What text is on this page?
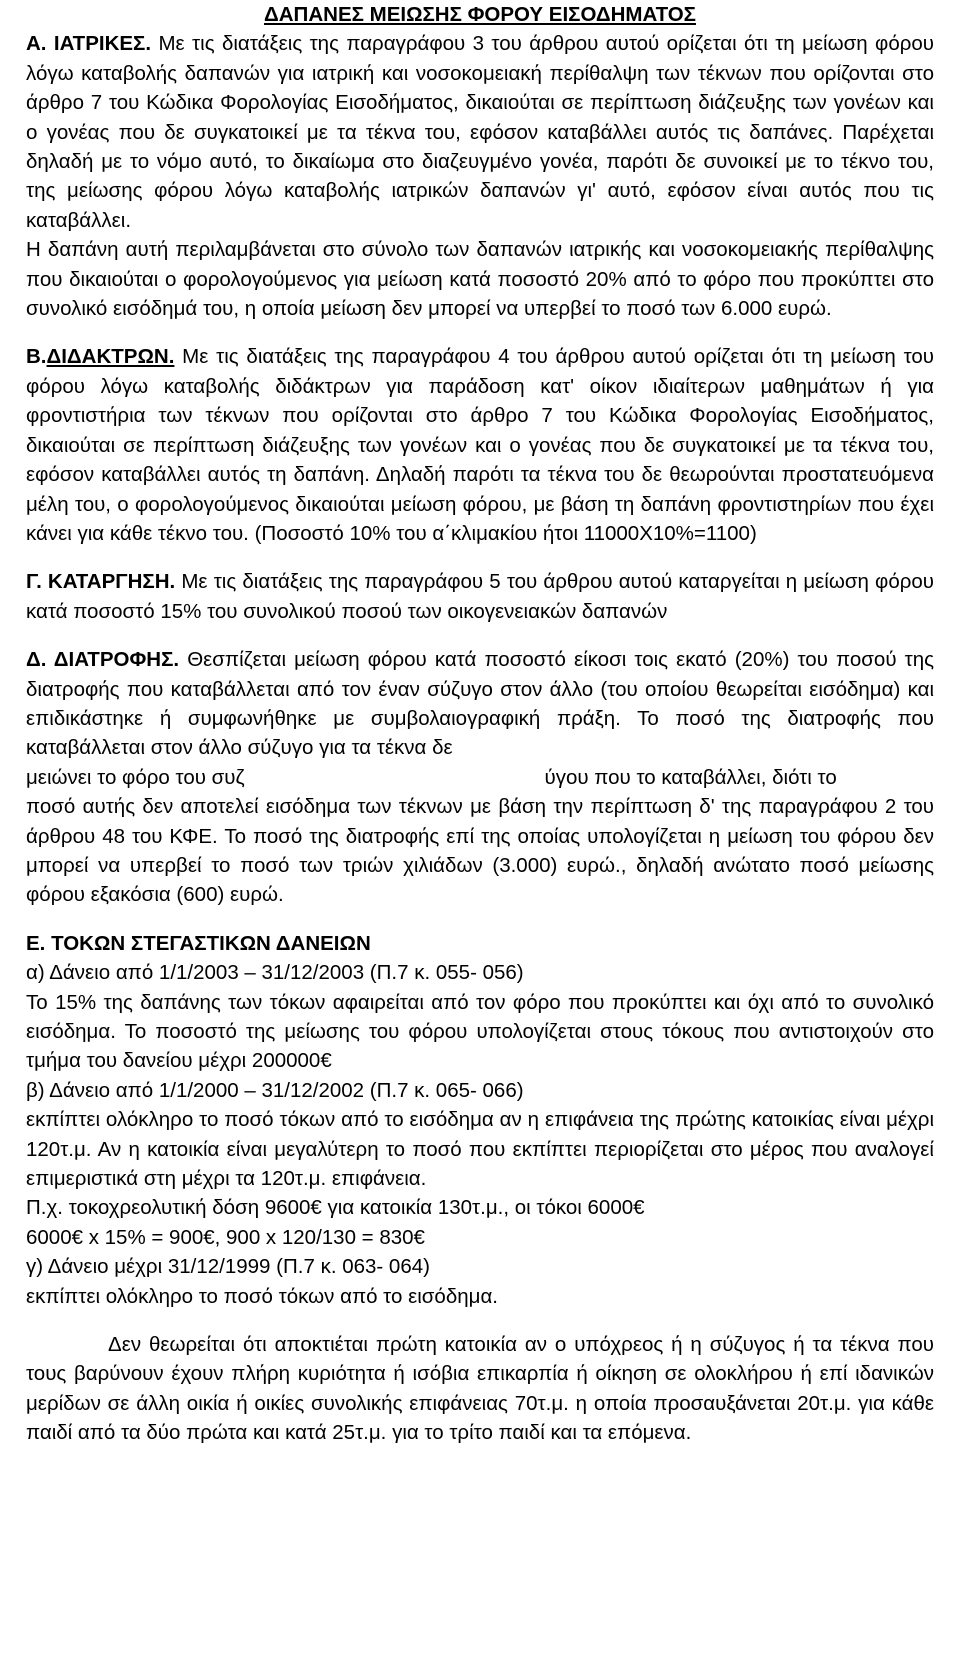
ΔΑΠΑΝΕΣ ΜΕΙΩΣΗΣ ΦΟΡΟΥ ΕΙΣΟΔΗΜΑΤΟΣ

Α. ΙΑΤΡΙΚΕΣ. Με τις διατάξεις της παραγράφου 3 του άρθρου αυτού ορίζεται ότι τη μείωση φόρου λόγω καταβολής δαπανών για ιατρική και νοσοκομειακή περίθαλψη των τέκνων που ορίζονται στο άρθρο 7 του Κώδικα Φορολογίας Εισοδήματος, δικαιούται σε περίπτωση διάζευξης των γονέων και ο γονέας που δε συγκατοικεί με τα τέκνα του, εφόσον καταβάλλει αυτός τις δαπάνες. Παρέχεται δηλαδή με το νόμο αυτό, το δικαίωμα στο διαζευγμένο γονέα, παρότι δε συνοικεί με το τέκνο του, της μείωσης φόρου λόγω καταβολής ιατρικών δαπανών γι' αυτό, εφόσον είναι αυτός που τις καταβάλλει.

Η δαπάνη αυτή περιλαμβάνεται στο σύνολο των δαπανών ιατρικής και νοσοκομειακής περίθαλψης που δικαιούται ο φορολογούμενος για μείωση κατά ποσοστό 20% από το φόρο που προκύπτει στο συνολικό εισόδημά του, η οποία μείωση δεν μπορεί να υπερβεί το ποσό των 6.000 ευρώ.

Β.ΔΙΔΑΚΤΡΩΝ. Με τις διατάξεις της παραγράφου 4 του άρθρου αυτού ορίζεται ότι τη μείωση του φόρου λόγω καταβολής διδάκτρων για παράδοση κατ' οίκον ιδιαίτερων μαθημάτων ή για φροντιστήρια των τέκνων που ορίζονται στο άρθρο 7 του Κώδικα Φορολογίας Εισοδήματος, δικαιούται σε περίπτωση διάζευξης των γονέων και ο γονέας που δε συγκατοικεί με τα τέκνα του, εφόσον καταβάλλει αυτός τη δαπάνη. Δηλαδή παρότι τα τέκνα του δε θεωρούνται προστατευόμενα μέλη του, ο φορολογούμενος δικαιούται μείωση φόρου, με βάση τη δαπάνη φροντιστηρίων που έχει κάνει για κάθε τέκνο του. (Ποσοστό 10% του α΄κλιμακίου ήτοι 11000Χ10%=1100)

Γ. ΚΑΤΑΡΓΗΣΗ. Με τις διατάξεις της παραγράφου 5 του άρθρου αυτού καταργείται η μείωση φόρου κατά ποσοστό 15% του συνολικού ποσού των οικογενειακών δαπανών

Δ. ΔΙΑΤΡΟΦΗΣ. Θεσπίζεται μείωση φόρου κατά ποσοστό είκοσι τοις εκατό (20%) του ποσού της διατροφής που καταβάλλεται από τον έναν σύζυγο στον άλλο (του οποίου θεωρείται εισόδημα) και επιδικάστηκε ή συμφωνήθηκε με συμβολαιογραφική πράξη. Το ποσό της διατροφής που καταβάλλεται στον άλλο σύζυγο για τα τέκνα δε

μειώνει το φόρο του συζ	ύγου που το καταβάλλει, διότι το

ποσό αυτής δεν αποτελεί εισόδημα των τέκνων με βάση την περίπτωση δ' της παραγράφου 2 του άρθρου 48 του ΚΦΕ. Το ποσό της διατροφής επί της οποίας υπολογίζεται η μείωση του φόρου δεν μπορεί να υπερβεί το ποσό των τριών χιλιάδων (3.000) ευρώ., δηλαδή ανώτατο ποσό μείωσης φόρου εξακόσια (600) ευρώ.

Ε. ΤΟΚΩΝ ΣΤΕΓΑΣΤΙΚΩΝ ΔΑΝΕΙΩΝ

α) Δάνειο από 1/1/2003 – 31/12/2003 (Π.7 κ. 055- 056)

Το 15% της δαπάνης των τόκων αφαιρείται από τον φόρο που προκύπτει και όχι από το συνολικό εισόδημα. Το ποσοστό της μείωσης του φόρου υπολογίζεται στους τόκους που αντιστοιχούν στο τμήμα του δανείου μέχρι 200000€

β) Δάνειο από 1/1/2000 – 31/12/2002 (Π.7 κ. 065- 066)

εκπίπτει ολόκληρο το ποσό τόκων από το εισόδημα αν η επιφάνεια της πρώτης κατοικίας είναι μέχρι 120τ.μ. Αν η κατοικία είναι μεγαλύτερη το ποσό που εκπίπτει περιορίζεται στο μέρος που αναλογεί επιμεριστικά στη μέχρι τα 120τ.μ. επιφάνεια.

Π.χ. τοκοχρεολυτική δόση 9600€ για κατοικία 130τ.μ., οι τόκοι 6000€

6000€ x 15% = 900€, 900 x 120/130 = 830€

γ) Δάνειο μέχρι 31/12/1999 (Π.7 κ. 063- 064)

εκπίπτει ολόκληρο το ποσό τόκων από το εισόδημα.

Δεν θεωρείται ότι αποκτιέται πρώτη κατοικία αν ο υπόχρεος ή η σύζυγος ή τα τέκνα που τους βαρύνουν έχουν πλήρη κυριότητα ή ισόβια επικαρπία ή οίκηση σε ολοκλήρου ή επί ιδανικών μερίδων σε άλλη οικία ή οικίες συνολικής επιφάνειας 70τ.μ. η οποία προσαυξάνεται 20τ.μ. για κάθε παιδί από τα δύο πρώτα και κατά 25τ.μ. για το τρίτο παιδί και τα επόμενα.
